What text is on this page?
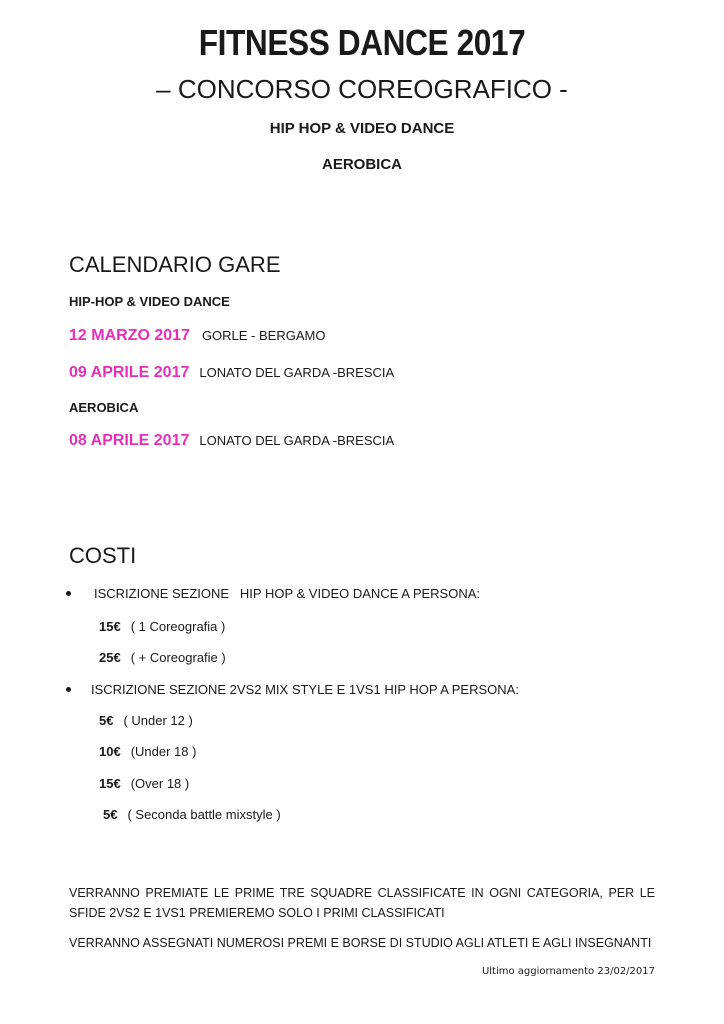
FITNESS DANCE 2017
– CONCORSO COREOGRAFICO -
HIP HOP & VIDEO DANCE
AEROBICA
CALENDARIO GARE
HIP-HOP & VIDEO DANCE
12 MARZO 2017 GORLE - BERGAMO
09 APRILE 2017 LONATO DEL GARDA -BRESCIA
AEROBICA
08 APRILE 2017 LONATO DEL GARDA -BRESCIA
COSTI
ISCRIZIONE SEZIONE   HIP HOP & VIDEO DANCE A PERSONA:
15€ ( 1 Coreografia )
25€ ( + Coreografie )
ISCRIZIONE SEZIONE 2VS2 MIX STYLE E 1VS1 HIP HOP A PERSONA:
5€ ( Under 12 )
10€ (Under 18 )
15€ (Over 18 )
5€ ( Seconda battle mixstyle )
VERRANNO PREMIATE LE PRIME TRE SQUADRE CLASSIFICATE IN OGNI CATEGORIA, PER LE SFIDE 2VS2 E 1VS1 PREMIEREMO SOLO I PRIMI CLASSIFICATI
VERRANNO ASSEGNATI NUMEROSI PREMI E BORSE DI STUDIO AGLI ATLETI E AGLI INSEGNANTI
Ultimo aggiornamento 23/02/2017
